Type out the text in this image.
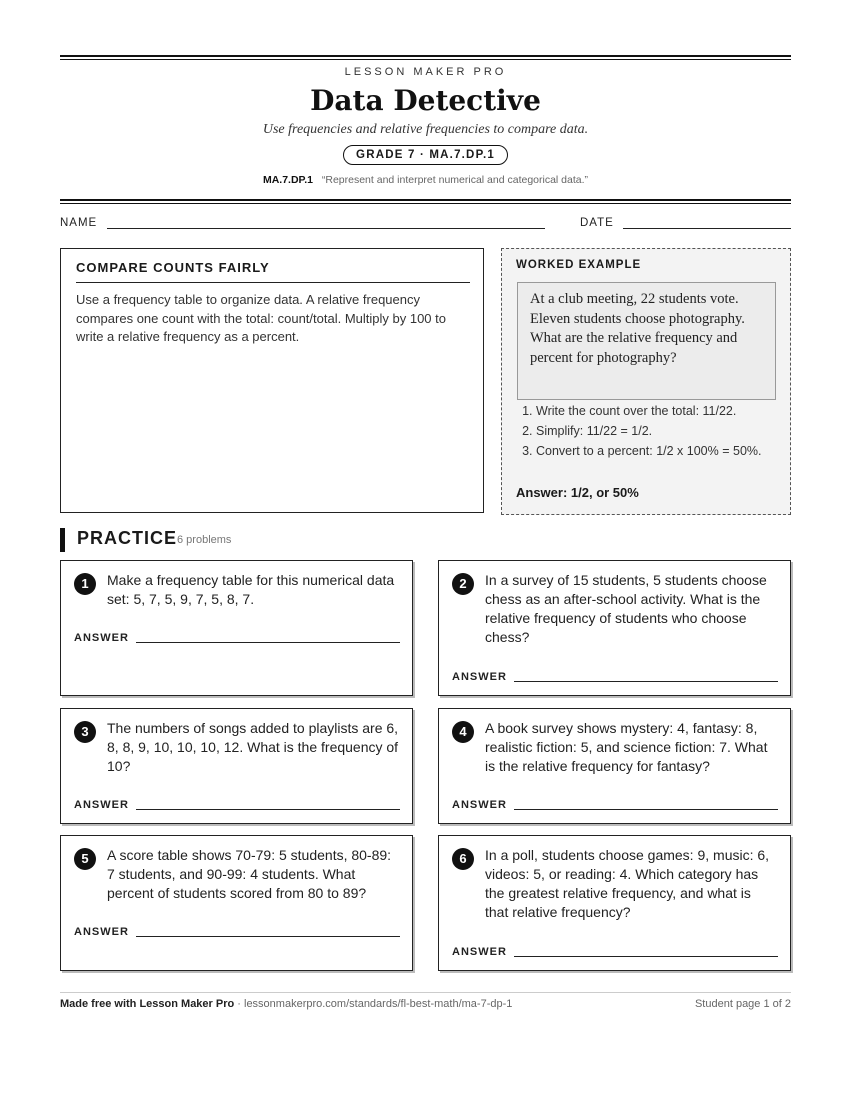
LESSON MAKER PRO
Data Detective
Use frequencies and relative frequencies to compare data.
GRADE 7 · MA.7.DP.1
MA.7.DP.1 “Represent and interpret numerical and categorical data.”
NAME	DATE
COMPARE COUNTS FAIRLY
Use a frequency table to organize data. A relative frequency compares one count with the total: count/total. Multiply by 100 to write a relative frequency as a percent.
WORKED EXAMPLE
At a club meeting, 22 students vote. Eleven students choose photography. What are the relative frequency and percent for photography?
1. Write the count over the total: 11/22.
2. Simplify: 11/22 = 1/2.
3. Convert to a percent: 1/2 x 100% = 50%.
Answer: 1/2, or 50%
PRACTICE 6 problems
1	Make a frequency table for this numerical data set: 5, 7, 5, 9, 7, 5, 8, 7.
ANSWER
2	In a survey of 15 students, 5 students choose chess as an after-school activity. What is the relative frequency of students who choose chess?
ANSWER
3	The numbers of songs added to playlists are 6, 8, 8, 9, 10, 10, 10, 12. What is the frequency of 10?
ANSWER
4	A book survey shows mystery: 4, fantasy: 8, realistic fiction: 5, and science fiction: 7. What is the relative frequency for fantasy?
ANSWER
5	A score table shows 70-79: 5 students, 80-89: 7 students, and 90-99: 4 students. What percent of students scored from 80 to 89?
ANSWER
6	In a poll, students choose games: 9, music: 6, videos: 5, or reading: 4. Which category has the greatest relative frequency, and what is that relative frequency?
ANSWER
Made free with Lesson Maker Pro · lessonmakerpro.com/standards/fl-best-math/ma-7-dp-1	Student page 1 of 2
